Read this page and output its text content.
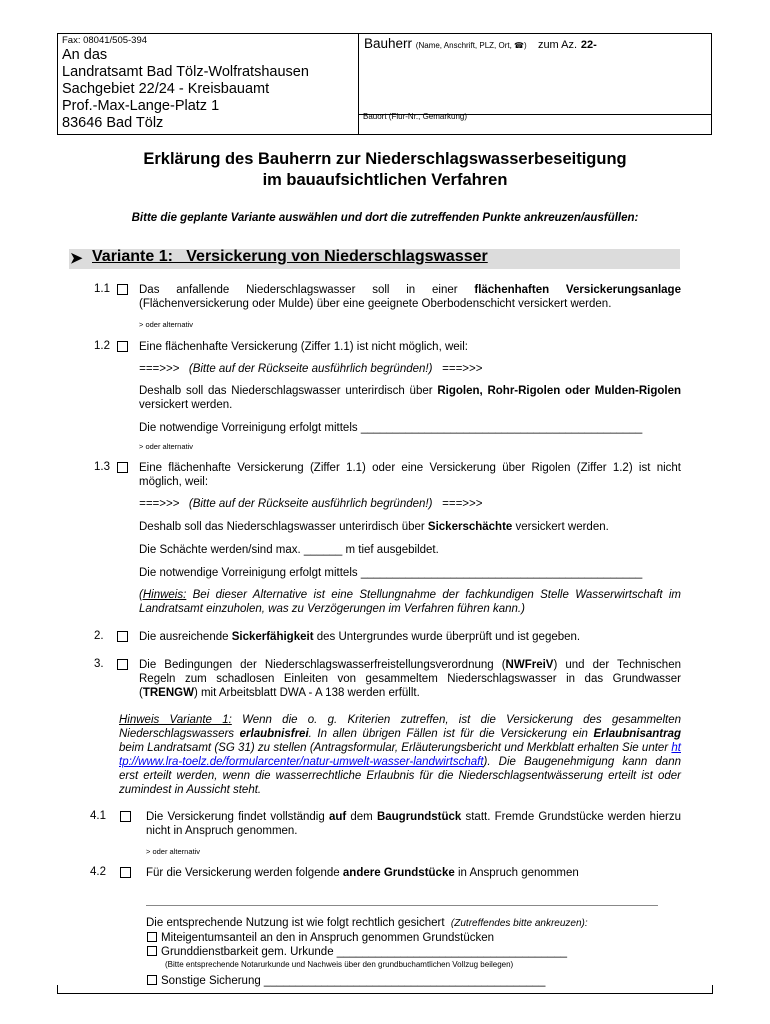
Fax: 08041/505-394
An das
Landratsamt Bad Tölz-Wolfratshausen
Sachgebiet 22/24 - Kreisbauamt
Prof.-Max-Lange-Platz 1
83646 Bad Tölz
Bauherr (Name, Anschrift, PLZ, Ort, ☎) zum Az. 22-
Bauort (Flur-Nr., Gemarkung)
Erklärung des Bauherrn zur Niederschlagswasserbeseitigung
im bauaufsichtlichen Verfahren
Bitte die geplante Variante auswählen und dort die zutreffenden Punkte ankreuzen/ausfüllen:
➤ Variante 1:   Versickerung von Niederschlagswasser
1.1	Das anfallende Niederschlagswasser soll in einer flächenhaften Versickerungsanlage (Flächenversickerung oder Mulde) über eine geeignete Oberbodenschicht versickert werden.
> oder alternativ
1.2	Eine flächenhafte Versickerung (Ziffer 1.1) ist nicht möglich, weil:
===>>>   (Bitte auf der Rückseite ausführlich begründen!)   ===>>>
Deshalb soll das Niederschlagswasser unterirdisch über Rigolen, Rohr-Rigolen oder Mulden-Rigolen versickert werden.
Die notwendige Vorreinigung erfolgt mittels ____________________________________________
> oder alternativ
1.3	Eine flächenhafte Versickerung (Ziffer 1.1) oder eine Versickerung über Rigolen (Ziffer 1.2) ist nicht möglich, weil:
===>>>   (Bitte auf der Rückseite ausführlich begründen!)   ===>>>
Deshalb soll das Niederschlagswasser unterirdisch über Sickerschächte versickert werden.
Die Schächte werden/sind max. ______ m tief ausgebildet.
Die notwendige Vorreinigung erfolgt mittels ____________________________________________
(Hinweis: Bei dieser Alternative ist eine Stellungnahme der fachkundigen Stelle Wasserwirtschaft im Landratsamt einzuholen, was zu Verzögerungen im Verfahren führen kann.)
2.	Die ausreichende Sickerfähigkeit des Untergrundes wurde überprüft und ist gegeben.
3.	Die Bedingungen der Niederschlagswasserfreistellungsverordnung (NWFreiV) und der Technischen Regeln zum schadlosen Einleiten von gesammeltem Niederschlagswasser in das Grundwasser (TRENGW) mit Arbeitsblatt DWA - A 138 werden erfüllt.
Hinweis Variante 1: Wenn die o. g. Kriterien zutreffen, ist die Versickerung des gesammelten Niederschlagswassers erlaubnisfrei. In allen übrigen Fällen ist für die Versickerung ein Erlaubnisantrag beim Landratsamt (SG 31) zu stellen (Antragsformular, Erläuterungsbericht und Merkblatt erhalten Sie unter http://www.lra-toelz.de/formularcenter/natur-umwelt-wasser-landwirtschaft). Die Baugenehmigung kann dann erst erteilt werden, wenn die wasserrechtliche Erlaubnis für die Niederschlagsentwässerung erteilt ist oder zumindest in Aussicht steht.
4.1	Die Versickerung findet vollständig auf dem Baugrundstück statt. Fremde Grundstücke werden hierzu nicht in Anspruch genommen.
> oder alternativ
4.2	Für die Versickerung werden folgende andere Grundstücke in Anspruch genommen
Die entsprechende Nutzung ist wie folgt rechtlich gesichert (Zutreffendes bitte ankreuzen):
Miteigentumsanteil an den in Anspruch genommen Grundstücken
Grunddienstbarkeit gem. Urkunde ____________________________________
(Bitte entsprechende Notarurkunde und Nachweis über den grundbuchamtlichen Vollzug beilegen)
Sonstige Sicherung ____________________________________________
